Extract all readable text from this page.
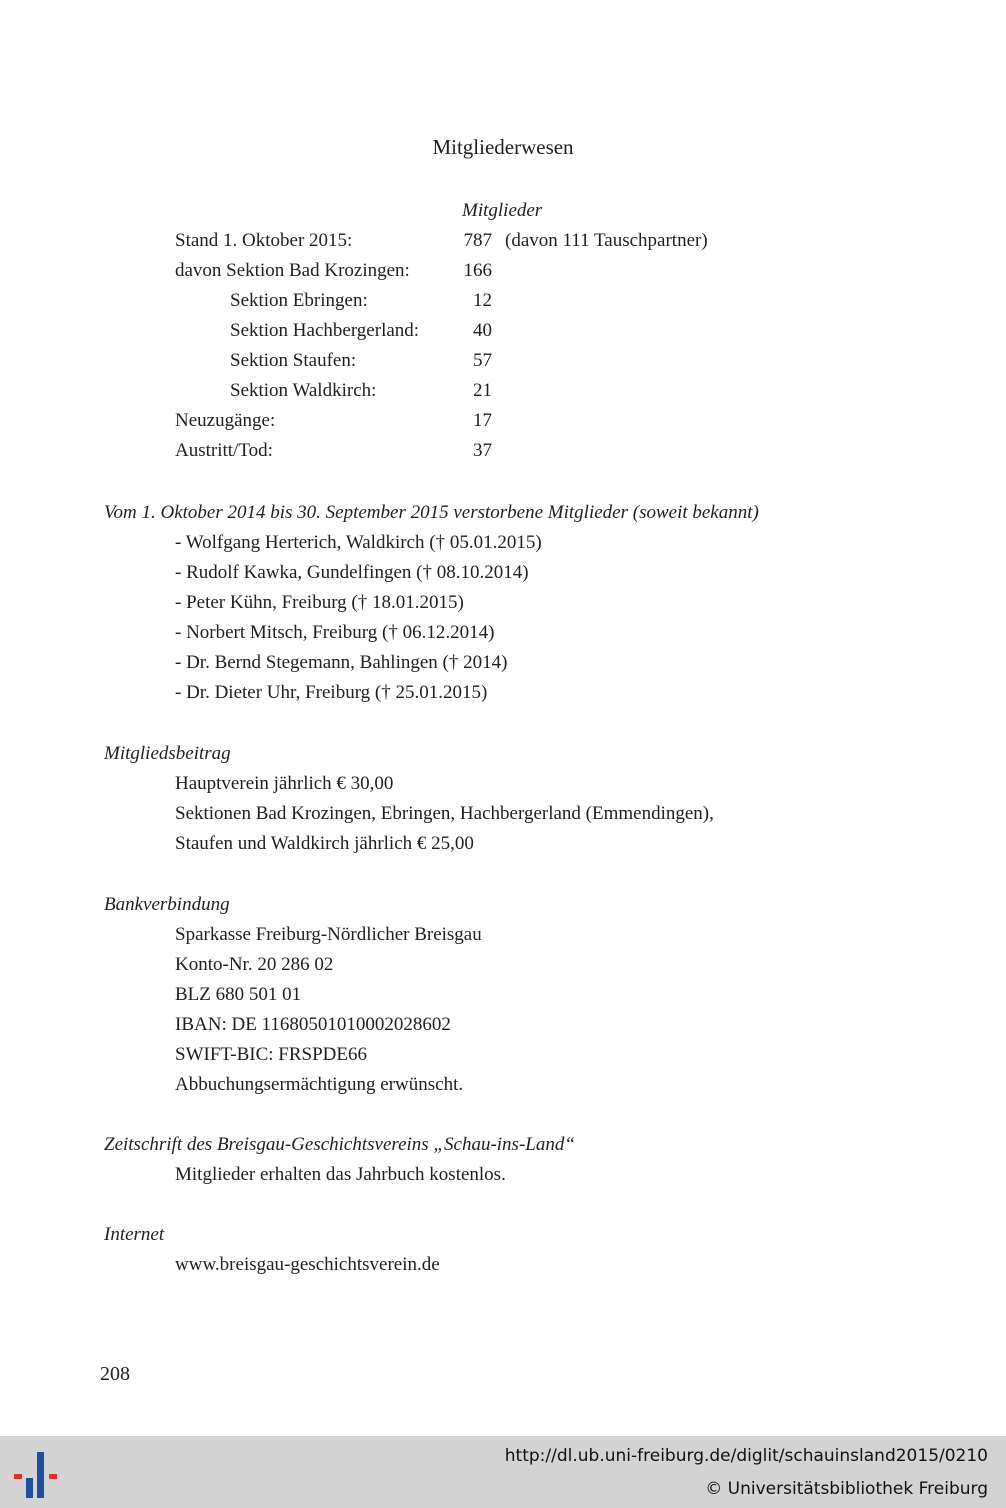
Mitgliederwesen
Mitglieder
Stand 1. Oktober 2015:	787 (davon 111 Tauschpartner)
davon Sektion Bad Krozingen:	166
Sektion Ebringen:	12
Sektion Hachbergerland:	40
Sektion Staufen:	57
Sektion Waldkirch:	21
Neuzugänge:	17
Austritt/Tod:	37
Vom 1. Oktober 2014 bis 30. September 2015 verstorbene Mitglieder (soweit bekannt)
- Wolfgang Herterich, Waldkirch († 05.01.2015)
- Rudolf Kawka, Gundelfingen († 08.10.2014)
- Peter Kühn, Freiburg († 18.01.2015)
- Norbert Mitsch, Freiburg († 06.12.2014)
- Dr. Bernd Stegemann, Bahlingen († 2014)
- Dr. Dieter Uhr, Freiburg († 25.01.2015)
Mitgliedsbeitrag
Hauptverein jährlich € 30,00
Sektionen Bad Krozingen, Ebringen, Hachbergerland (Emmendingen),
Staufen und Waldkirch jährlich € 25,00
Bankverbindung
Sparkasse Freiburg-Nördlicher Breisgau
Konto-Nr. 20 286 02
BLZ 680 501 01
IBAN: DE 11680501010002028602
SWIFT-BIC: FRSPDE66
Abbuchungsermächtigung erwünscht.
Zeitschrift des Breisgau-Geschichtsvereins „Schau-ins-Land“
Mitglieder erhalten das Jahrbuch kostenlos.
Internet
www.breisgau-geschichtsverein.de
208
http://dl.ub.uni-freiburg.de/diglit/schauinsland2015/0210
© Universitätsbibliothek Freiburg
